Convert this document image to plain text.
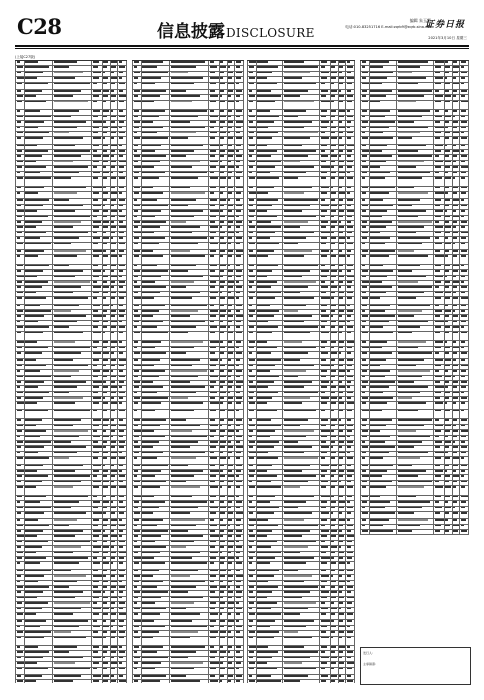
C28	信息披露DISCLOSURE
编辑 朱玉霞
电话:010-83251716 E-mail:zqrb9@zqrb.sina.net
2021年3月10日 星期三
证券日报
(上接C27版)
发行人:
主承销商:
